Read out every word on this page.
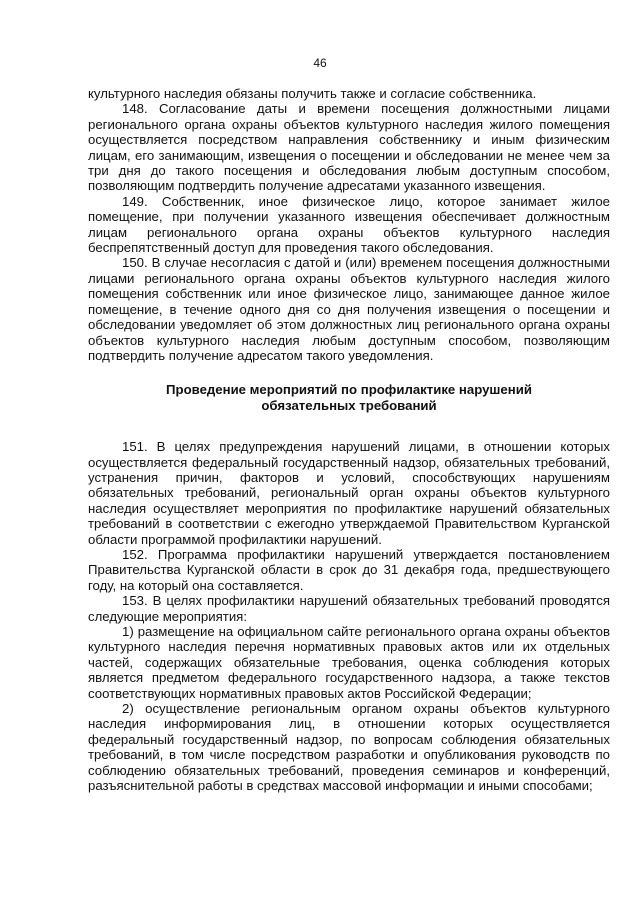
46

культурного наследия обязаны получить также и согласие собственника.

148. Согласование даты и времени посещения должностными лицами регионального органа охраны объектов культурного наследия жилого помещения осуществляется посредством направления собственнику и иным физическим лицам, его занимающим, извещения о посещении и обследовании не менее чем за три дня до такого посещения и обследования любым доступным способом, позволяющим подтвердить получение адресатами указанного извещения.

149. Собственник, иное физическое лицо, которое занимает жилое помещение, при получении указанного извещения обеспечивает должностным лицам регионального органа охраны объектов культурного наследия беспрепятственный доступ для проведения такого обследования.

150. В случае несогласия с датой и (или) временем посещения должностными лицами регионального органа охраны объектов культурного наследия жилого помещения собственник или иное физическое лицо, занимающее данное жилое помещение, в течение одного дня со дня получения извещения о посещении и обследовании уведомляет об этом должностных лиц регионального органа охраны объектов культурного наследия любым доступным способом, позволяющим подтвердить получение адресатом такого уведомления.

Проведение мероприятий по профилактике нарушений обязательных требований

151. В целях предупреждения нарушений лицами, в отношении которых осуществляется федеральный государственный надзор, обязательных требований, устранения причин, факторов и условий, способствующих нарушениям обязательных требований, региональный орган охраны объектов культурного наследия осуществляет мероприятия по профилактике нарушений обязательных требований в соответствии с ежегодно утверждаемой Правительством Курганской области программой профилактики нарушений.

152. Программа профилактики нарушений утверждается постановлением Правительства Курганской области в срок до 31 декабря года, предшествующего году, на который она составляется.

153. В целях профилактики нарушений обязательных требований проводятся следующие мероприятия:

1) размещение на официальном сайте регионального органа охраны объектов культурного наследия перечня нормативных правовых актов или их отдельных частей, содержащих обязательные требования, оценка соблюдения которых является предметом федерального государственного надзора, а также текстов соответствующих нормативных правовых актов Российской Федерации;

2) осуществление региональным органом охраны объектов культурного наследия информирования лиц, в отношении которых осуществляется федеральный государственный надзор, по вопросам соблюдения обязательных требований, в том числе посредством разработки и опубликования руководств по соблюдению обязательных требований, проведения семинаров и конференций, разъяснительной работы в средствах массовой информации и иными способами;
